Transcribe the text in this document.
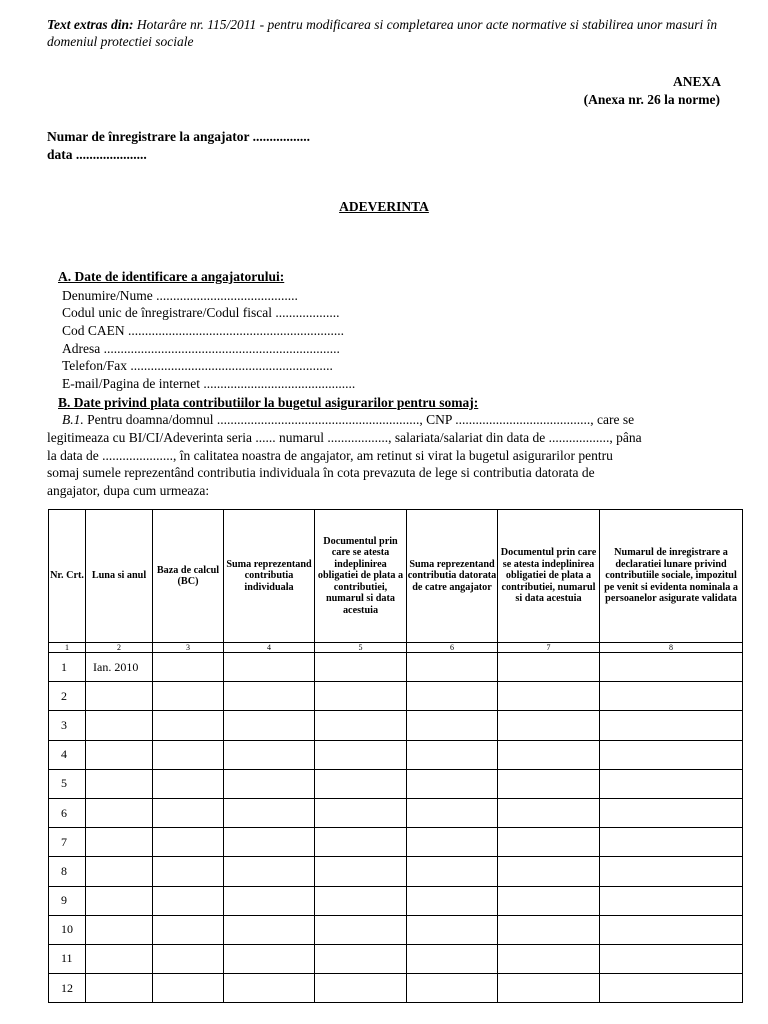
Text extras din: Hotarâre nr. 115/2011 - pentru modificarea si completarea unor acte normative si stabilirea unor masuri în domeniul protectiei sociale
ANEXA
(Anexa nr. 26 la norme)
Numar de înregistrare la angajator .................
data .....................
ADEVERINTA
A. Date de identificare a angajatorului:
Denumire/Nume ..........................................
Codul unic de înregistrare/Codul fiscal ...................
Cod CAEN ................................................................
Adresa ......................................................................
Telefon/Fax ............................................................
E-mail/Pagina de internet .............................................
B. Date privind plata contributiilor la bugetul asigurarilor pentru somaj:
B.1. Pentru doamna/domnul ............................................................, CNP ........................................, care se
legitimeaza cu BI/CI/Adeverinta seria ...... numarul .................., salariata/salariat din data de .................., pâna
la data de ....................., în calitatea noastra de angajator, am retinut si virat la bugetul asigurarilor pentru
somaj sumele reprezentând contributia individuala în cota prevazuta de lege si contributia datorata de
angajator, dupa cum urmeaza:
Nr. Crt.	Luna si anul	Baza de calcul (BC)	Suma reprezentand contributia individuala	Documentul prin care se atesta indeplinirea obligatiei de plata a contributiei, numarul si data acestuia	Suma reprezentand contributia datorata de catre angajator	Documentul prin care se atesta indeplinirea obligatiei de plata a contributiei, numarul si data acestuia	Numarul de inregistrare a declaratiei lunare privind contributiile sociale, impozitul pe venit si evidenta nominala a persoanelor asigurate validata
1	2	3	4	5	6	7	8
1	Ian. 2010						
2							
3							
4							
5							
6							
7							
8							
9							
10							
11							
12							
